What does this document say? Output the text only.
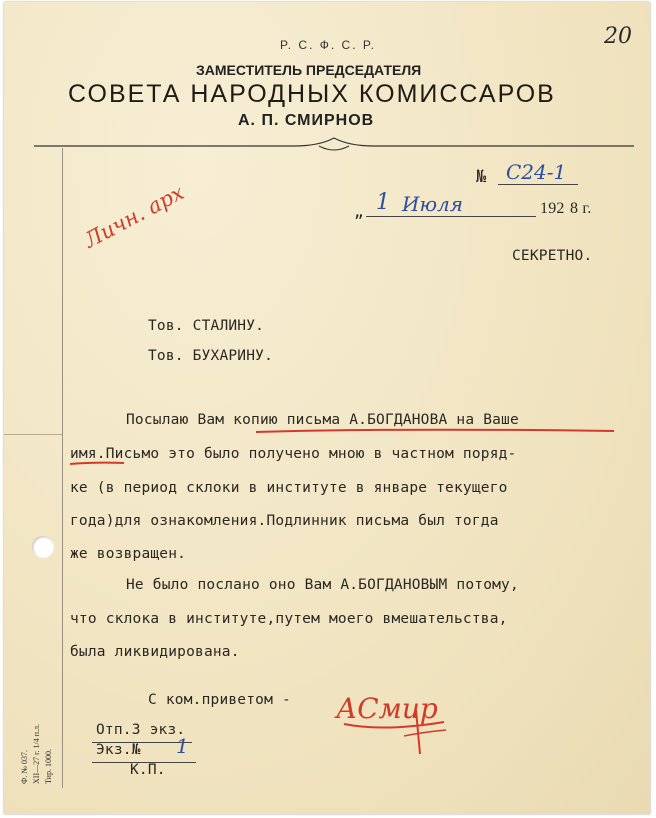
20
Р. С. Ф. С. Р.
ЗАМЕСТИТЕЛЬ ПРЕДСЕДАТЕЛЯ
СОВЕТА НАРОДНЫХ КОМИССАРОВ
А. П. СМИРНОВ
№ С24-1
„ 1 Июля	192 8 г.
СЕКРЕТНО.
Личн. арх
Тов. СТАЛИНУ.
Тов. БУХАРИНУ.
Посылаю Вам копию письма А.БОГДАНОВА на Ваше
имя.Письмо это было получено мною в частном поряд-
ке (в период склоки в институте в январе текущего
года)для ознакомления.Подлинник письма был тогда
же возвращен.
Не было послано оно Вам А.БОГДАНОВЫМ потому,
что склока в институте,путем моего вмешательства,
была ликвидирована.
С ком.приветом - АСмир
Отп.3 экз.
Экз.№ 1
К.П.
Ф. № 037. XII—27 г. 1/4 п.л. Тир. 1000.
